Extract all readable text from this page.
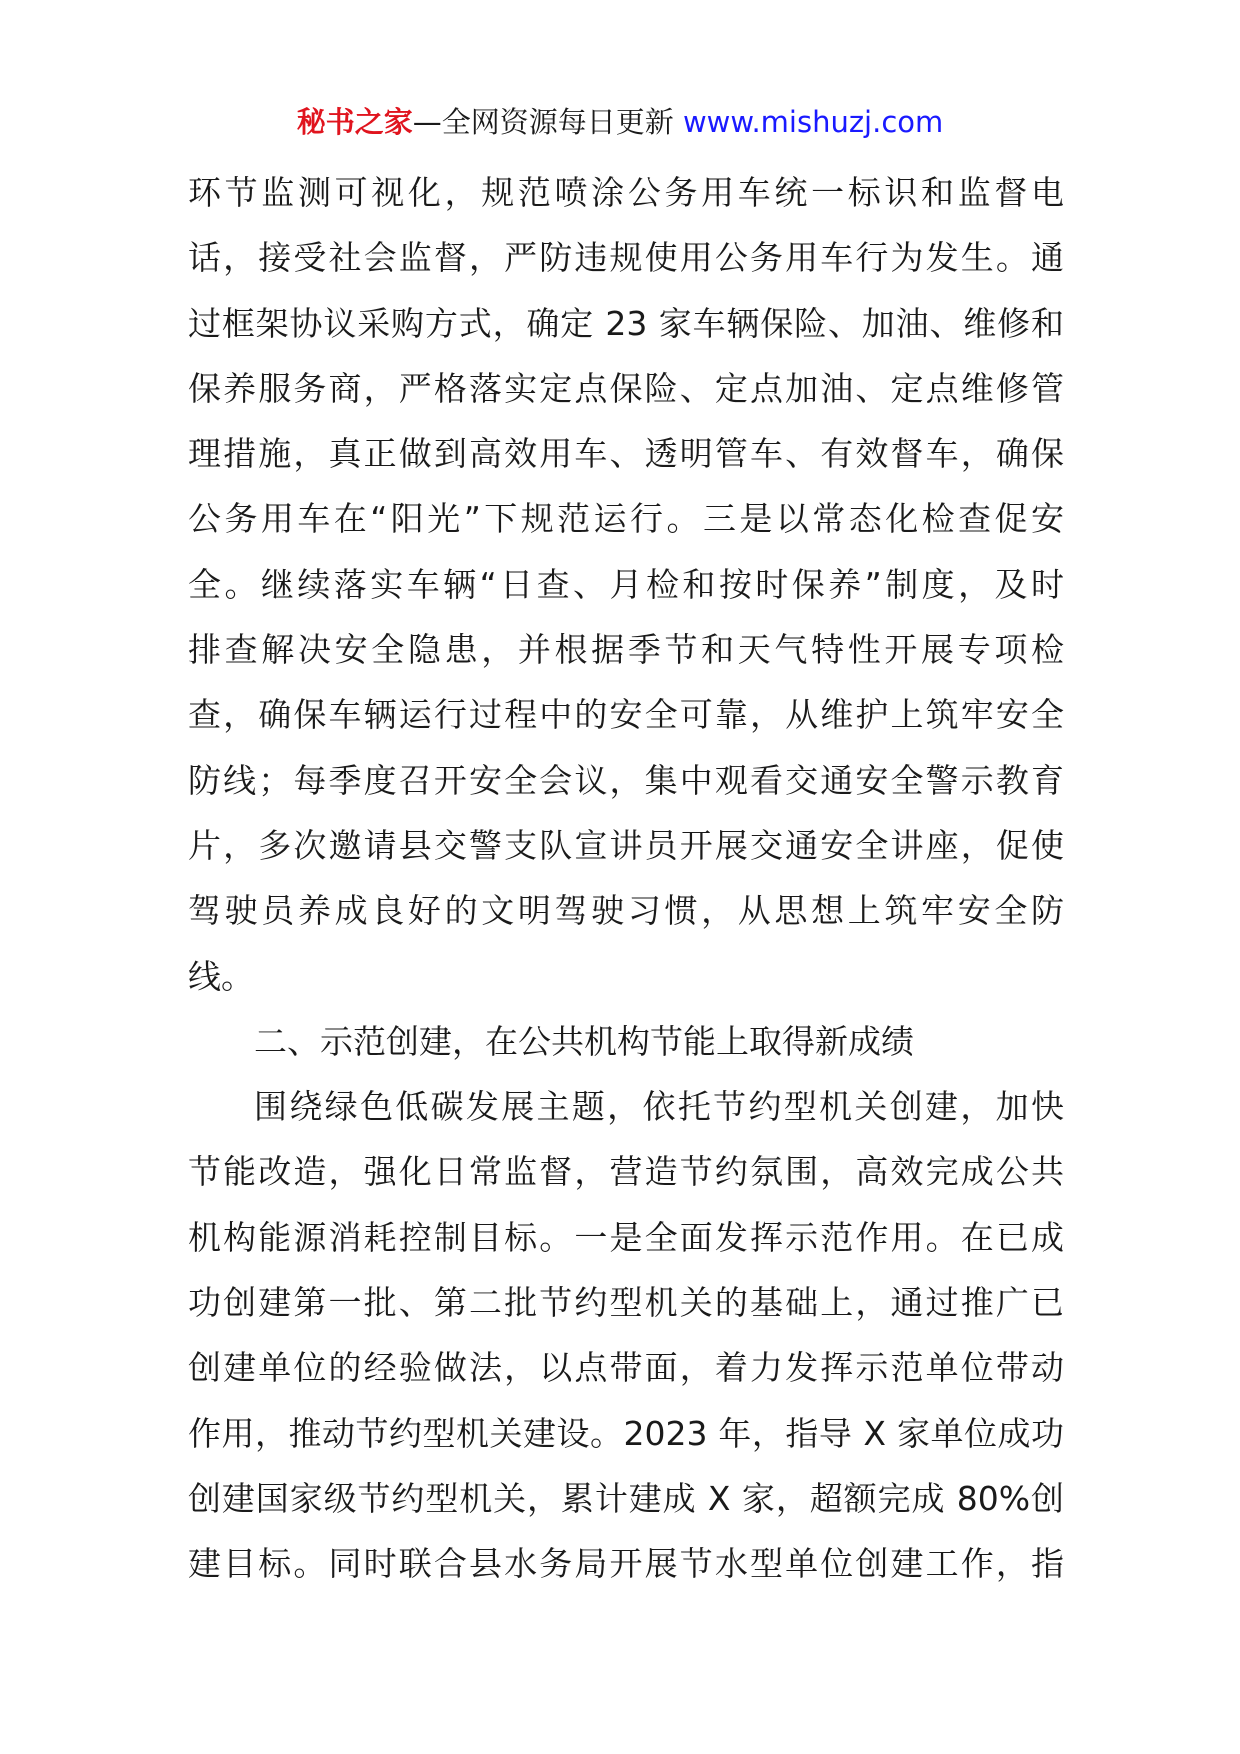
秘书之家—全网资源每日更新 www.mishuzj.com
环节监测可视化，规范喷涂公务用车统一标识和监督电
话，接受社会监督，严防违规使用公务用车行为发生。通
过框架协议采购方式，确定 23 家车辆保险、加油、维修和
保养服务商，严格落实定点保险、定点加油、定点维修管
理措施，真正做到高效用车、透明管车、有效督车，确保
公务用车在“阳光”下规范运行。三是以常态化检查促安
全。继续落实车辆“日查、月检和按时保养”制度，及时
排查解决安全隐患，并根据季节和天气特性开展专项检
查，确保车辆运行过程中的安全可靠，从维护上筑牢安全
防线；每季度召开安全会议，集中观看交通安全警示教育
片，多次邀请县交警支队宣讲员开展交通安全讲座，促使
驾驶员养成良好的文明驾驶习惯，从思想上筑牢安全防
线。
二、示范创建，在公共机构节能上取得新成绩
围绕绿色低碳发展主题，依托节约型机关创建，加快
节能改造，强化日常监督，营造节约氛围，高效完成公共
机构能源消耗控制目标。一是全面发挥示范作用。在已成
功创建第一批、第二批节约型机关的基础上，通过推广已
创建单位的经验做法，以点带面，着力发挥示范单位带动
作用，推动节约型机关建设。2023 年，指导 X 家单位成功
创建国家级节约型机关，累计建成 X 家，超额完成 80%创
建目标。同时联合县水务局开展节水型单位创建工作，指
